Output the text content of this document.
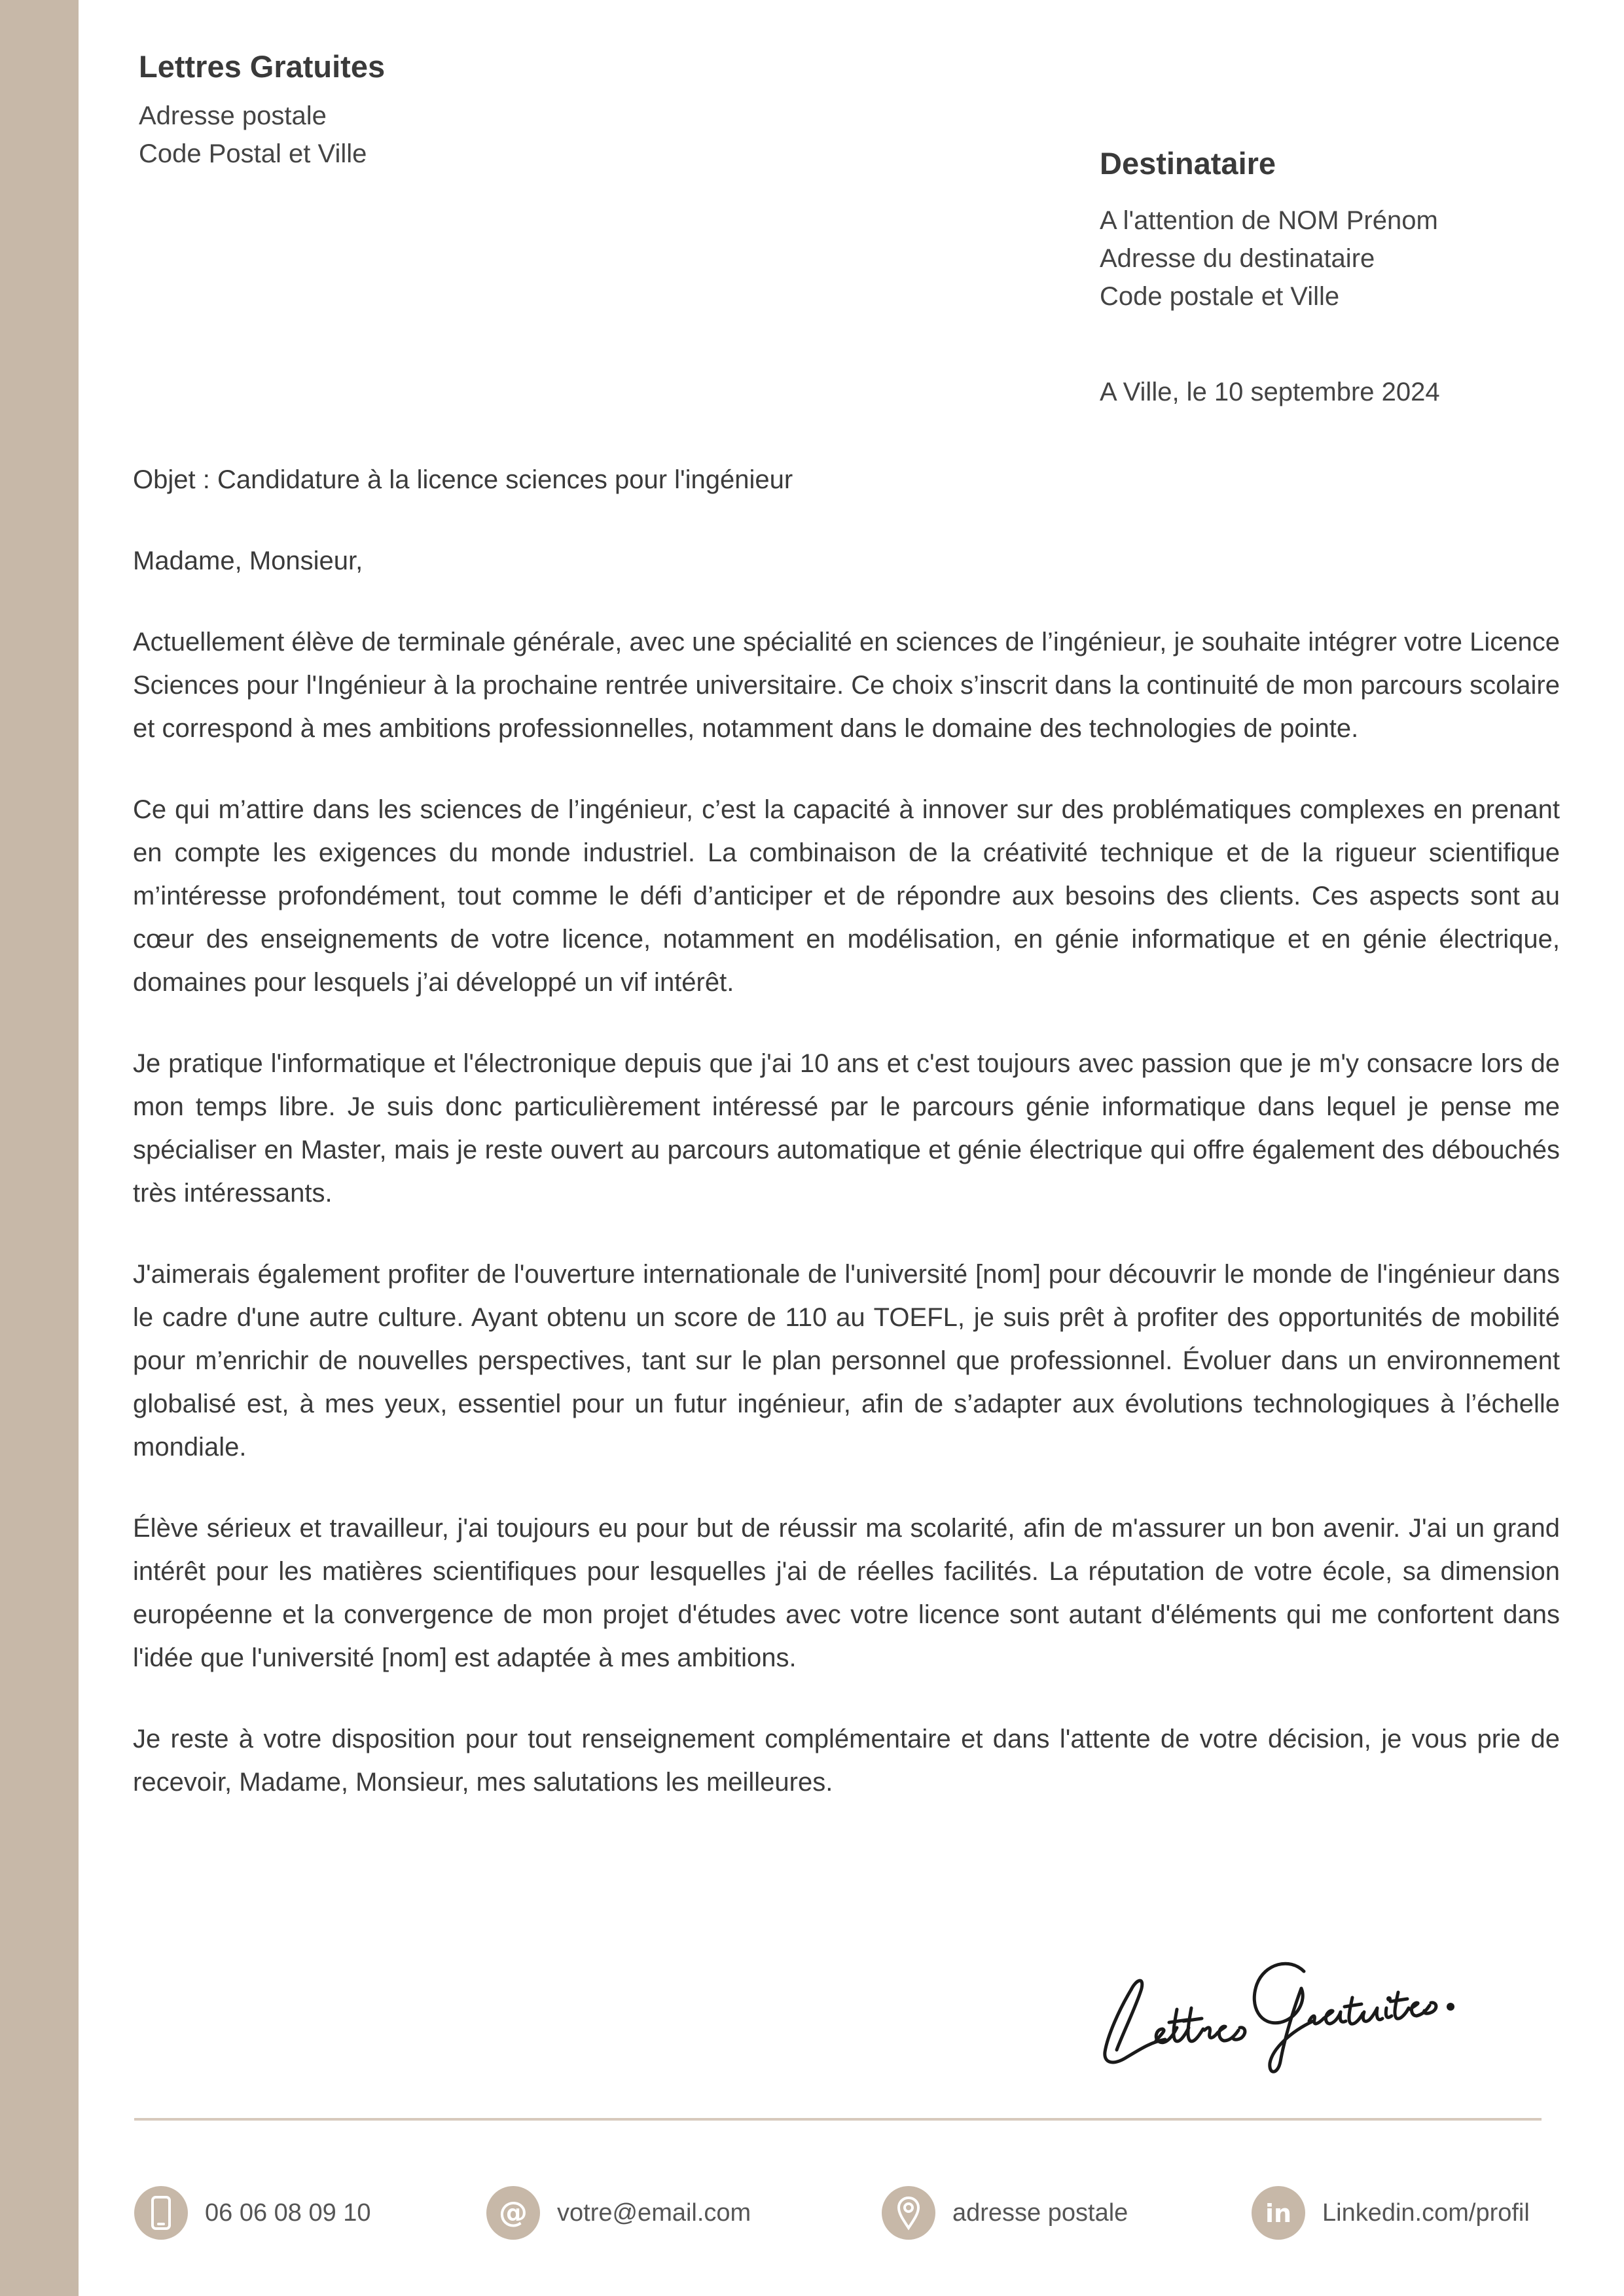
Lettres Gratuites
Adresse postale
Code Postal et Ville	Destinataire
A l'attention de NOM Prénom
Adresse du destinataire
Code postale et Ville
A Ville, le 10 septembre 2024

Objet : Candidature à la licence sciences pour l'ingénieur

Madame, Monsieur,

Actuellement élève de terminale générale, avec une spécialité en sciences de l’ingénieur, je souhaite intégrer votre Licence Sciences pour l'Ingénieur à la prochaine rentrée universitaire. Ce choix s’inscrit dans la continuité de mon parcours scolaire et correspond à mes ambitions professionnelles, notamment dans le domaine des technologies de pointe.

Ce qui m’attire dans les sciences de l’ingénieur, c’est la capacité à innover sur des problématiques complexes en prenant en compte les exigences du monde industriel. La combinaison de la créativité technique et de la rigueur scientifique m’intéresse profondément, tout comme le défi d’anticiper et de répondre aux besoins des clients. Ces aspects sont au cœur des enseignements de votre licence, notamment en modélisation, en génie informatique et en génie électrique, domaines pour lesquels j’ai développé un vif intérêt.

Je pratique l'informatique et l'électronique depuis que j'ai 10 ans et c'est toujours avec passion que je m'y consacre lors de mon temps libre. Je suis donc particulièrement intéressé par le parcours génie informatique dans lequel je pense me spécialiser en Master, mais je reste ouvert au parcours automatique et génie électrique qui offre également des débouchés très intéressants.

J'aimerais également profiter de l'ouverture internationale de l'université [nom] pour découvrir le monde de l'ingénieur dans le cadre d'une autre culture. Ayant obtenu un score de 110 au TOEFL, je suis prêt à profiter des opportunités de mobilité pour m’enrichir de nouvelles perspectives, tant sur le plan personnel que professionnel. Évoluer dans un environnement globalisé est, à mes yeux, essentiel pour un futur ingénieur, afin de s’adapter aux évolutions technologiques à l’échelle mondiale.

Élève sérieux et travailleur, j'ai toujours eu pour but de réussir ma scolarité, afin de m'assurer un bon avenir. J'ai un grand intérêt pour les matières scientifiques pour lesquelles j'ai de réelles facilités. La réputation de votre école, sa dimension européenne et la convergence de mon projet d'études avec votre licence sont autant d'éléments qui me confortent dans l'idée que l'université [nom] est adaptée à mes ambitions.

Je reste à votre disposition pour tout renseignement complémentaire et dans l'attente de votre décision, je vous prie de recevoir, Madame, Monsieur, mes salutations les meilleures.

06 06 08 09 10	@ votre@email.com	adresse postale	in Linkedin.com/profil
